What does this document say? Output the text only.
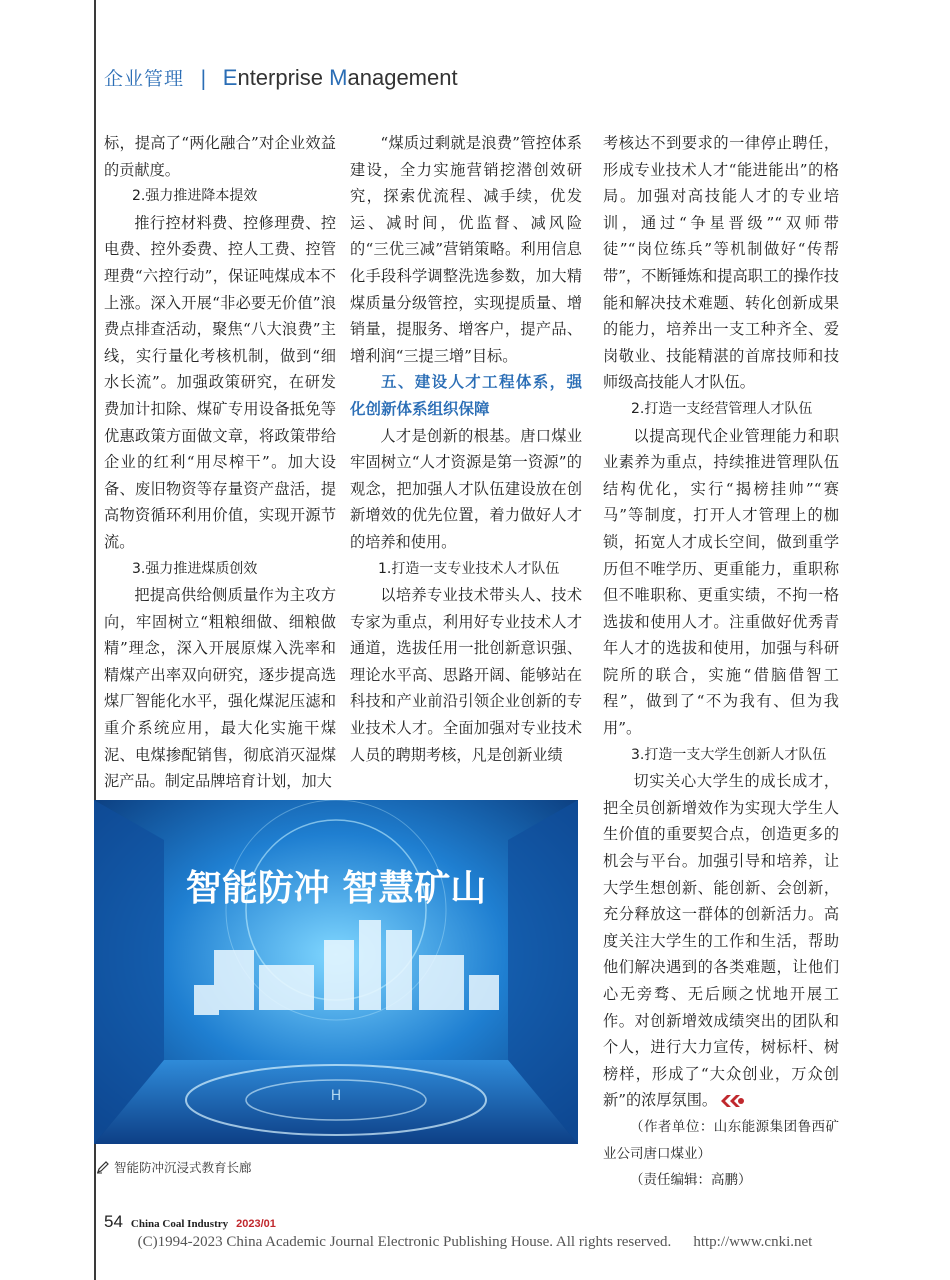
企业管理 | Enterprise Management

标，提高了“两化融合”对企业效益的贡献度。

2.强力推进降本提效

推行控材料费、控修理费、控电费、控外委费、控人工费、控管理费“六控行动”，保证吨煤成本不上涨。深入开展“非必要无价值”浪费点排查活动，聚焦“八大浪费”主线，实行量化考核机制，做到“细水长流”。加强政策研究，在研发费加计扣除、煤矿专用设备抵免等优惠政策方面做文章，将政策带给企业的红利“用尽榨干”。加大设备、废旧物资等存量资产盘活，提高物资循环利用价值，实现开源节流。

3.强力推进煤质创效

把提高供给侧质量作为主攻方向，牢固树立“粗粮细做、细粮做精”理念，深入开展原煤入洗率和精煤产出率双向研究，逐步提高选煤厂智能化水平，强化煤泥压滤和重介系统应用，最大化实施干煤泥、电煤掺配销售，彻底消灭湿煤泥产品。制定品牌培育计划，加大

“煤质过剩就是浪费”管控体系建设，全力实施营销挖潜创效研究，探索优流程、减手续，优发运、减时间，优监督、减风险的“三优三减”营销策略。利用信息化手段科学调整洗选参数，加大精煤质量分级管控，实现提质量、增销量，提服务、增客户，提产品、增利润“三提三增”目标。

五、建设人才工程体系，强化创新体系组织保障

人才是创新的根基。唐口煤业牢固树立“人才资源是第一资源”的观念，把加强人才队伍建设放在创新增效的优先位置，着力做好人才的培养和使用。

1.打造一支专业技术人才队伍

以培养专业技术带头人、技术专家为重点，利用好专业技术人才通道，选拔任用一批创新意识强、理论水平高、思路开阔、能够站在科技和产业前沿引领企业创新的专业技术人才。全面加强对专业技术人员的聘期考核，凡是创新业绩

考核达不到要求的一律停止聘任，形成专业技术人才“能进能出”的格局。加强对高技能人才的专业培训，通过“争星晋级”“双师带徒”“岗位练兵”等机制做好“传帮带”，不断锤炼和提高职工的操作技能和解决技术难题、转化创新成果的能力，培养出一支工种齐全、爱岗敬业、技能精湛的首席技师和技师级高技能人才队伍。

2.打造一支经营管理人才队伍

以提高现代企业管理能力和职业素养为重点，持续推进管理队伍结构优化，实行“揭榜挂帅”“赛马”等制度，打开人才管理上的枷锁，拓宽人才成长空间，做到重学历但不唯学历、更重能力，重职称但不唯职称、更重实绩，不拘一格选拔和使用人才。注重做好优秀青年人才的选拔和使用，加强与科研院所的联合，实施“借脑借智工程”，做到了“不为我有、但为我用”。

3.打造一支大学生创新人才队伍

切实关心大学生的成长成才，把全员创新增效作为实现大学生人生价值的重要契合点，创造更多的机会与平台。加强引导和培养，让大学生想创新、能创新、会创新，充分释放这一群体的创新活力。高度关注大学生的工作和生活，帮助他们解决遇到的各类难题，让他们心无旁骛、无后顾之忧地开展工作。对创新增效成绩突出的团队和个人，进行大力宣传，树标杆、树榜样，形成了“大众创业，万众创新”的浓厚氛围。

（作者单位：山东能源集团鲁西矿业公司唐口煤业）

（责任编辑：高鹏）

H
智能防冲 智慧矿山
智能防冲沉浸式教育长廊
54 China Coal Industry 2023/01
(C)1994-2023 China Academic Journal Electronic Publishing House. All rights reserved. http://www.cnki.net
